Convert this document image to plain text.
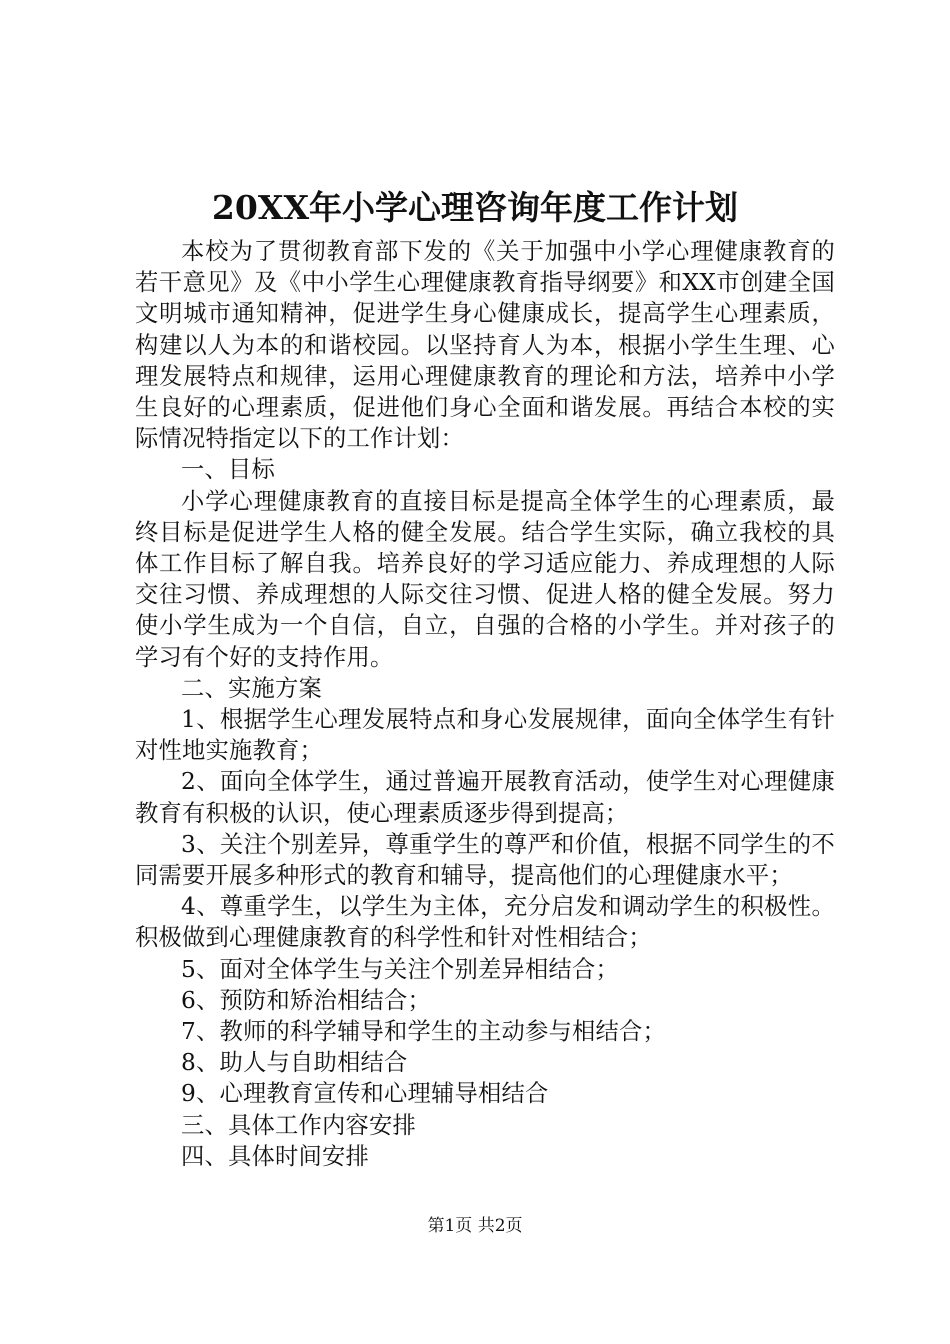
20XX年小学心理咨询年度工作计划

本校为了贯彻教育部下发的《关于加强中小学心理健康教育的若干意见》及《中小学生心理健康教育指导纲要》和XX市创建全国文明城市通知精神，促进学生身心健康成长，提高学生心理素质，构建以人为本的和谐校园。以坚持育人为本，根据小学生生理、心理发展特点和规律，运用心理健康教育的理论和方法，培养中小学生良好的心理素质，促进他们身心全面和谐发展。再结合本校的实际情况特指定以下的工作计划：

一、目标

小学心理健康教育的直接目标是提高全体学生的心理素质，最终目标是促进学生人格的健全发展。结合学生实际，确立我校的具体工作目标了解自我。培养良好的学习适应能力、养成理想的人际交往习惯、养成理想的人际交往习惯、促进人格的健全发展。努力使小学生成为一个自信，自立，自强的合格的小学生。并对孩子的学习有个好的支持作用。

二、实施方案

1、根据学生心理发展特点和身心发展规律，面向全体学生有针对性地实施教育；

2、面向全体学生，通过普遍开展教育活动，使学生对心理健康教育有积极的认识，使心理素质逐步得到提高；

3、关注个别差异，尊重学生的尊严和价值，根据不同学生的不同需要开展多种形式的教育和辅导，提高他们的心理健康水平；

4、尊重学生，以学生为主体，充分启发和调动学生的积极性。积极做到心理健康教育的科学性和针对性相结合；

5、面对全体学生与关注个别差异相结合；

6、预防和矫治相结合；

7、教师的科学辅导和学生的主动参与相结合；

8、助人与自助相结合

9、心理教育宣传和心理辅导相结合

三、具体工作内容安排

四、具体时间安排

第1页 共2页
